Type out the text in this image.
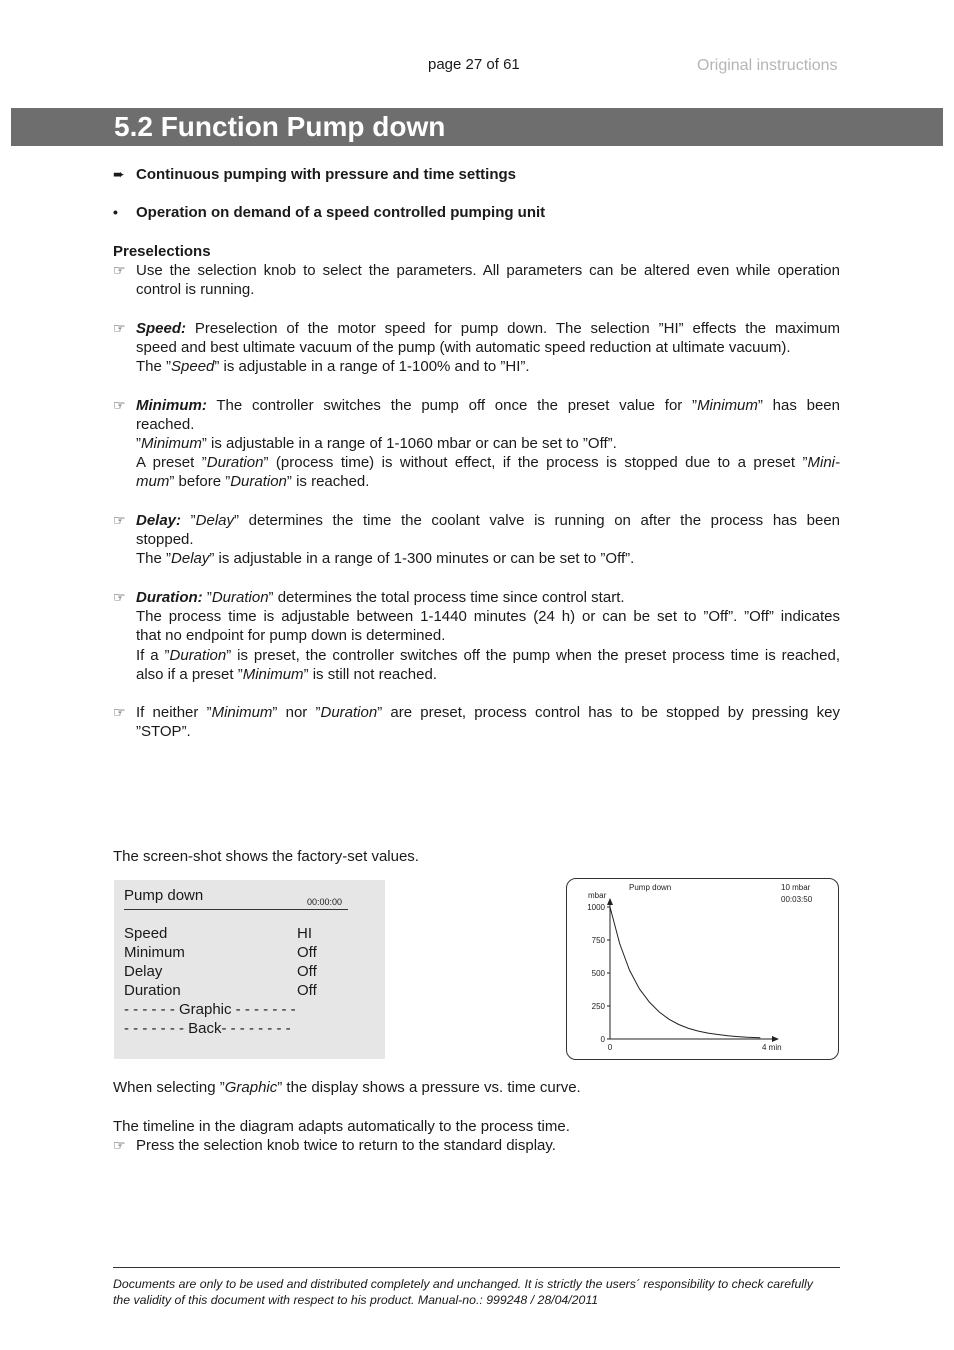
page 27 of 61	Original instructions
5.2 Function Pump down
➨ Continuous pumping with pressure and time settings
• Operation on demand of a speed controlled pumping unit
Preselections
☞ Use the selection knob to select the parameters. All parameters can be altered even while operation
control is running.
☞ Speed: Preselection of the motor speed for pump down. The selection ”HI” effects the maximum
speed and best ultimate vacuum of the pump (with automatic speed reduction at ultimate vacuum).
The ”Speed” is adjustable in a range of 1-100% and to ”HI”.
☞ Minimum: The controller switches the pump off once the preset value for ”Minimum” has been
reached.
”Minimum” is adjustable in a range of 1-1060 mbar or can be set to ”Off”.
A preset ”Duration” (process time) is without effect, if the process is stopped due to a preset ”Mini-
mum” before ”Duration” is reached.
☞ Delay: ”Delay” determines the time the coolant valve is running on after the process has been
stopped.
The ”Delay” is adjustable in a range of 1-300 minutes or can be set to ”Off”.
☞ Duration: ”Duration” determines the total process time since control start.
The process time is adjustable between 1-1440 minutes (24 h) or can be set to ”Off”. ”Off” indicates
that no endpoint for pump down is determined.
If a ”Duration” is preset, the controller switches off the pump when the preset process time is reached,
also if a preset ”Minimum” is still not reached.
☞ If neither ”Minimum” nor ”Duration” are preset, process control has to be stopped by pressing key
”STOP”.
The screen-shot shows the factory-set values.
Pump down	00:00:00
Speed	HI
Minimum	Off
Delay	Off
Duration	Off
- - - - - - Graphic - - - - - - -
- - - - - - - Back- - - - - - - -
Pump down	10 mbar
00:03:50
mbar
1000
750
500
250
0
0	4 min
When selecting ”Graphic” the display shows a pressure vs. time curve.
The timeline in the diagram adapts automatically to the process time.
☞ Press the selection knob twice to return to the standard display.
Documents are only to be used and distributed completely and unchanged. It is strictly the users´ responsibility to check carefully
the validity of this document with respect to his product. Manual-no.: 999248 / 28/04/2011
